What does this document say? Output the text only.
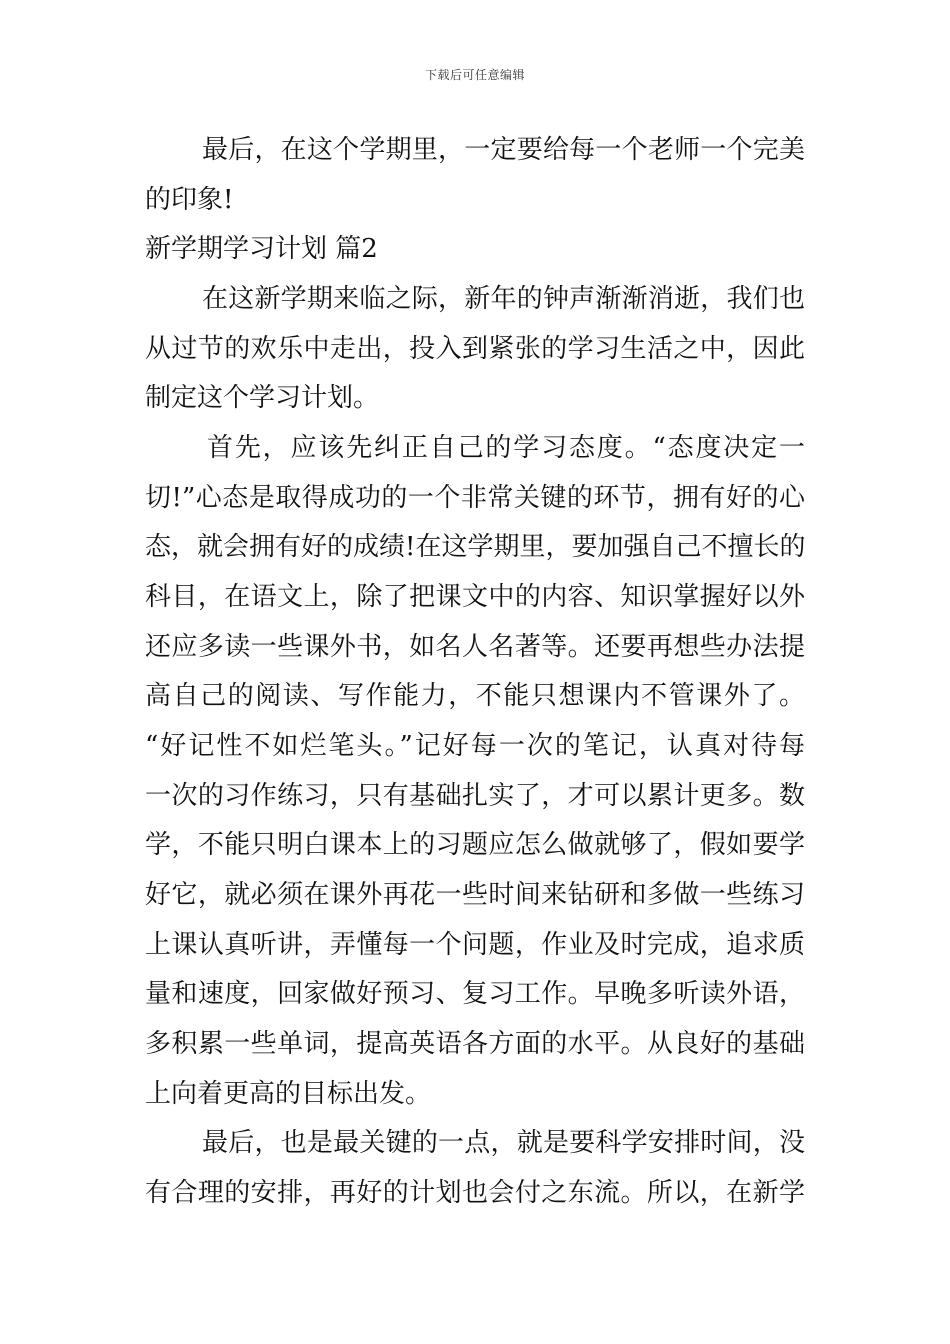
下载后可任意编辑
最后，在这个学期里，一定要给每一个老师一个完美
的印象!
新学期学习计划 篇2
在这新学期来临之际，新年的钟声渐渐消逝，我们也
从过节的欢乐中走出，投入到紧张的学习生活之中，因此
制定这个学习计划。
首先，应该先纠正自己的学习态度。“态度决定一
切!”心态是取得成功的一个非常关键的环节，拥有好的心
态，就会拥有好的成绩!在这学期里，要加强自己不擅长的
科目，在语文上，除了把课文中的内容、知识掌握好以外
还应多读一些课外书，如名人名著等。还要再想些办法提
高自己的阅读、写作能力，不能只想课内不管课外了。
“好记性不如烂笔头。”记好每一次的笔记，认真对待每
一次的习作练习，只有基础扎实了，才可以累计更多。数
学，不能只明白课本上的习题应怎么做就够了，假如要学
好它，就必须在课外再花一些时间来钻研和多做一些练习
上课认真听讲，弄懂每一个问题，作业及时完成，追求质
量和速度，回家做好预习、复习工作。早晚多听读外语，
多积累一些单词，提高英语各方面的水平。从良好的基础
上向着更高的目标出发。
最后，也是最关键的一点，就是要科学安排时间，没
有合理的安排，再好的计划也会付之东流。所以，在新学
